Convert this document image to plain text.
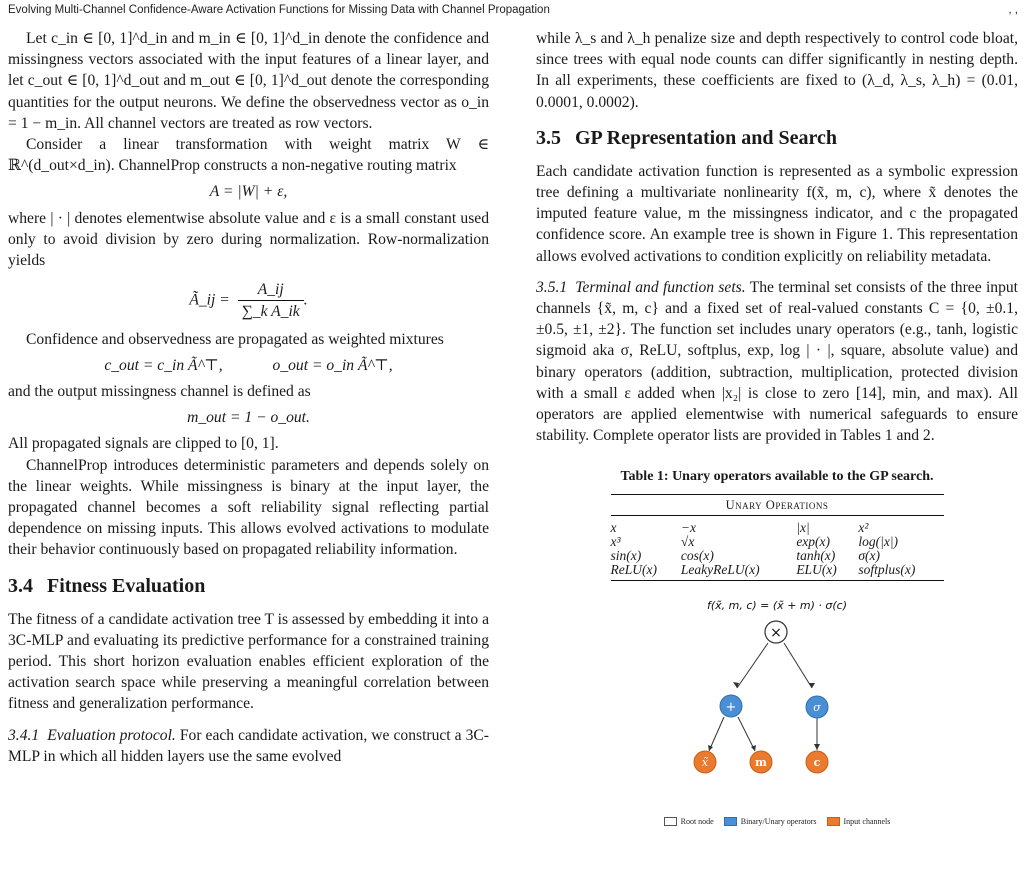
Evolving Multi-Channel Confidence-Aware Activation Functions for Missing Data with Channel Propagation	, ,

Let c_in ∈ [0, 1]^d_in and m_in ∈ [0, 1]^d_in denote the confidence and missingness vectors associated with the input features of a linear layer, and let c_out ∈ [0, 1]^d_out and m_out ∈ [0, 1]^d_out denote the corresponding quantities for the output neurons. We define the observedness vector as o_in = 1 − m_in. All channel vectors are treated as row vectors.

Consider a linear transformation with weight matrix W ∈ ℝ^(d_out×d_in). ChannelProp constructs a non-negative routing matrix

A = |W| + ε,

where | · | denotes elementwise absolute value and ε is a small constant used only to avoid division by zero during normalization. Row-normalization yields

Ã_ij = $\frac{A\_ij}{\text{∑\_k A\_ik}}$ .

Confidence and observedness are propagated as weighted mixtures

c_out = c_in Ã^⊤,	o_out = o_in Ã^⊤,

and the output missingness channel is defined as

m_out = 1 − o_out.

All propagated signals are clipped to [0, 1].

ChannelProp introduces deterministic parameters and depends solely on the linear weights. While missingness is binary at the input layer, the propagated channel becomes a soft reliability signal reflecting partial dependence on missing inputs. This allows evolved activations to modulate their behavior continuously based on propagated reliability information.

3.4 Fitness Evaluation

The fitness of a candidate activation tree T is assessed by embedding it into a 3C-MLP and evaluating its predictive performance for a constrained training period. This short horizon evaluation enables efficient exploration of the activation search space while preserving a meaningful correlation between fitness and generalization performance.

3.4.1 Evaluation protocol. For each candidate activation, we construct a 3C-MLP in which all hidden layers use the same evolved

while λ_s and λ_h penalize size and depth respectively to control code bloat, since trees with equal node counts can differ significantly in nesting depth. In all experiments, these coefficients are fixed to (λ_d, λ_s, λ_h) = (0.01, 0.0001, 0.0002).

3.5 GP Representation and Search

Each candidate activation function is represented as a symbolic expression tree defining a multivariate nonlinearity f(x̃, m, c), where x̃ denotes the imputed feature value, m the missingness indicator, and c the propagated confidence score. An example tree is shown in Figure 1. This representation allows evolved activations to condition explicitly on reliability metadata.

3.5.1 Terminal and function sets. The terminal set consists of the three input channels {x̃, m, c} and a fixed set of real-valued constants C = {0, ±0.1, ±0.5, ±1, ±2}. The function set includes unary operators (e.g., tanh, logistic sigmoid aka σ, ReLU, softplus, exp, log | · |, square, absolute value) and binary operators (addition, subtraction, multiplication, protected division with a small ε added when |x₂| is close to zero [14], min, and max). All operators are applied elementwise with numerical safeguards to ensure stability. Complete operator lists are provided in Tables 1 and 2.

Table 1: Unary operators available to the GP search.
Unary Operations			
x	−x	|x|	x²
x³	√x	exp(x)	log(|x|)
sin(x)	cos(x)	tanh(x)	σ(x)
ReLU(x)	LeakyReLU(x)	ELU(x)	softplus(x)
f(x̃, m, c) = (x̃ + m) · σ(c)
×
+	σ
x̃	m	c
Root node	Binary/Unary operators	Input channels
